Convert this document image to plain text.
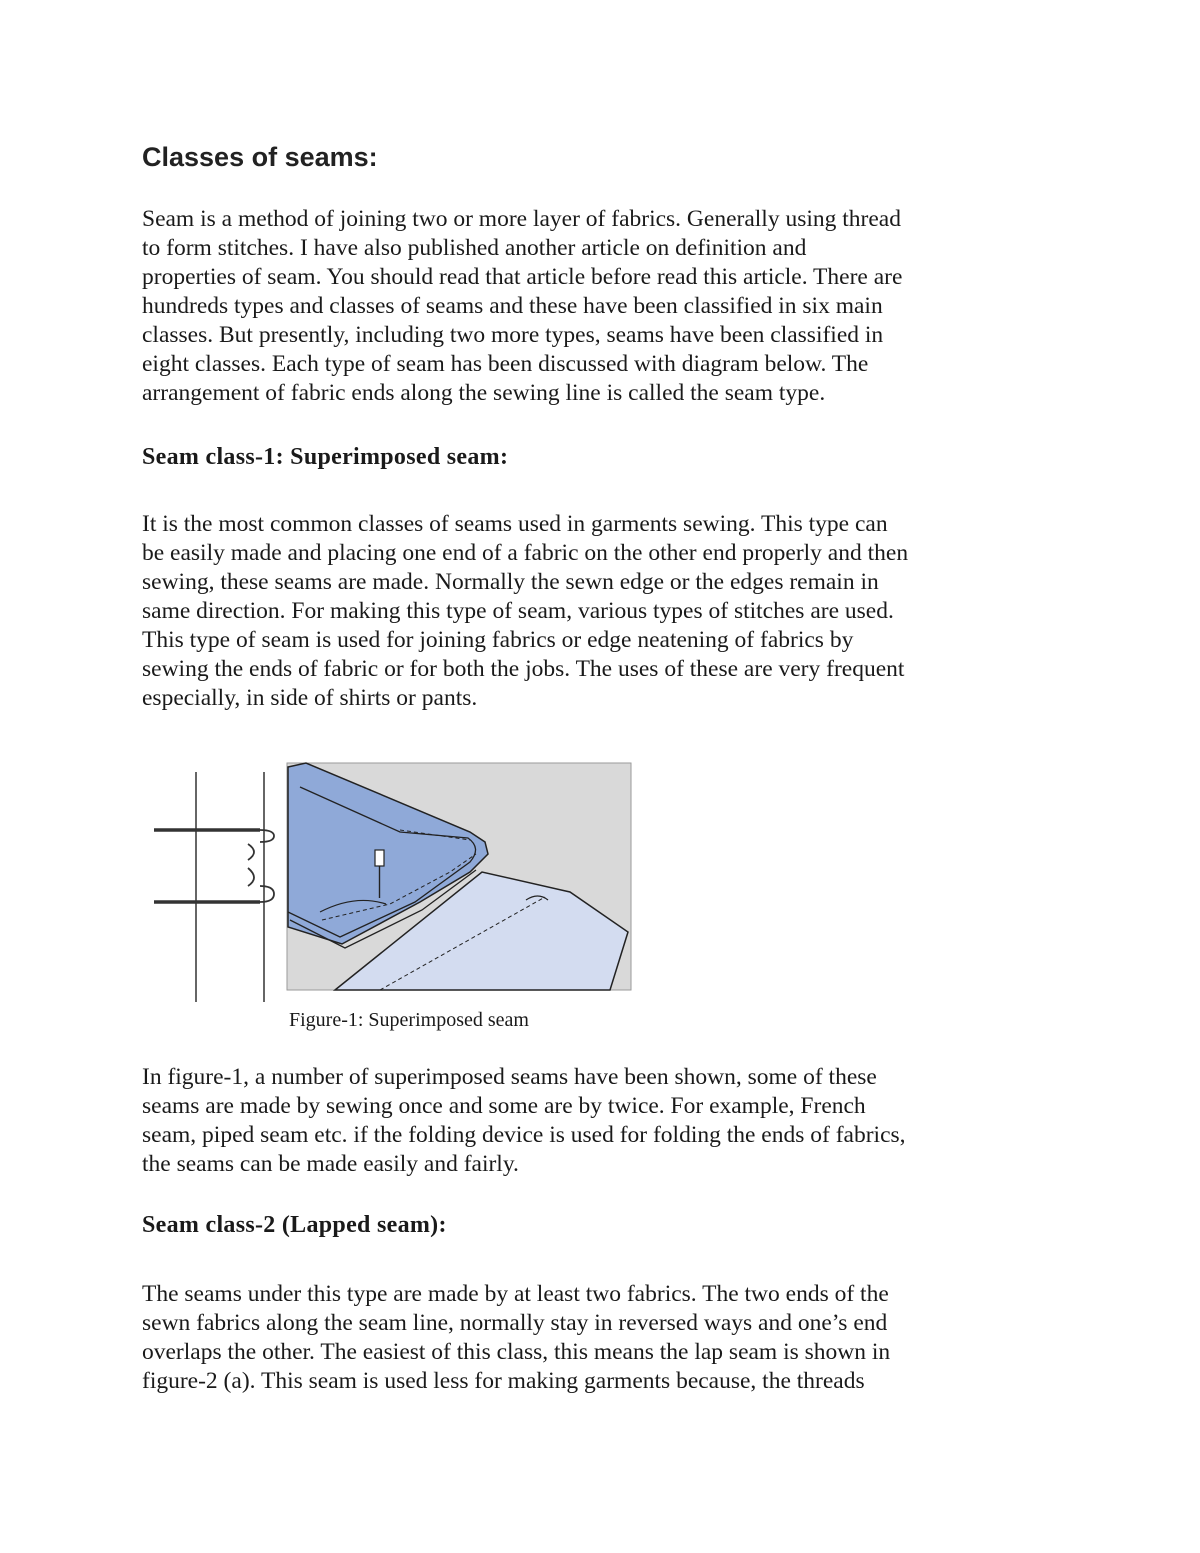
Classes of seams:
Seam is a method of joining two or more layer of fabrics. Generally using thread
to form stitches. I have also published another article on definition and
properties of seam. You should read that article before read this article. There are
hundreds types and classes of seams and these have been classified in six main
classes. But presently, including two more types, seams have been classified in
eight classes. Each type of seam has been discussed with diagram below. The
arrangement of fabric ends along the sewing line is called the seam type.
Seam class-1: Superimposed seam:
It is the most common classes of seams used in garments sewing. This type can
be easily made and placing one end of a fabric on the other end properly and then
sewing, these seams are made. Normally the sewn edge or the edges remain in
same direction. For making this type of seam, various types of stitches are used.
This type of seam is used for joining fabrics or edge neatening of fabrics by
sewing the ends of fabric or for both the jobs. The uses of these are very frequent
especially, in side of shirts or pants.

Figure-1: Superimposed seam

In figure-1, a number of superimposed seams have been shown, some of these
seams are made by sewing once and some are by twice. For example, French
seam, piped seam etc. if the folding device is used for folding the ends of fabrics,
the seams can be made easily and fairly.
Seam class-2 (Lapped seam):
The seams under this type are made by at least two fabrics. The two ends of the
sewn fabrics along the seam line, normally stay in reversed ways and one’s end
overlaps the other. The easiest of this class, this means the lap seam is shown in
figure-2 (a). This seam is used less for making garments because, the threads
